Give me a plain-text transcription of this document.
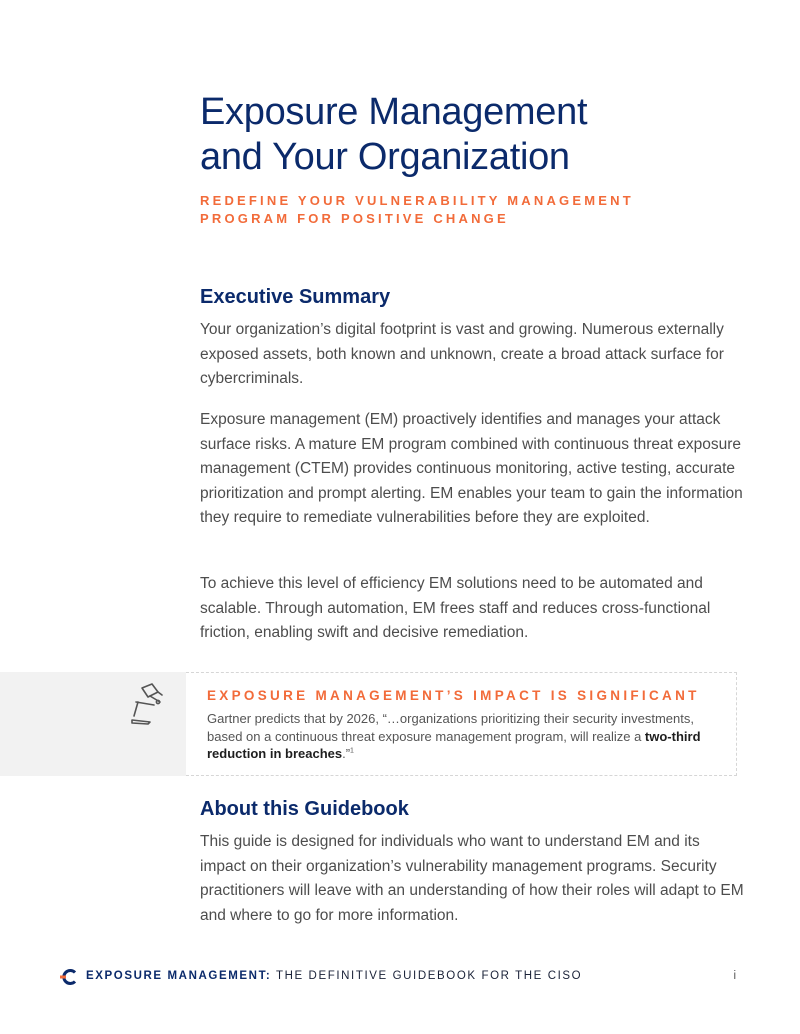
Exposure Management
and Your Organization
REDEFINE YOUR VULNERABILITY MANAGEMENT
PROGRAM FOR POSITIVE CHANGE
Executive Summary

Your organization’s digital footprint is vast and growing. Numerous externally exposed assets, both known and unknown, create a broad attack surface for cybercriminals.

Exposure management (EM) proactively identifies and manages your attack surface risks. A mature EM program combined with continuous threat exposure management (CTEM) provides continuous monitoring, active testing, accurate prioritization and prompt alerting. EM enables your team to gain the information they require to remediate vulnerabilities before they are exploited.

To achieve this level of efficiency EM solutions need to be automated and scalable. Through automation, EM frees staff and reduces cross-functional friction, enabling swift and decisive remediation.

EXPOSURE MANAGEMENT’S IMPACT IS SIGNIFICANT

Gartner predicts that by 2026, “…organizations prioritizing their security investments, based on a continuous threat exposure management program, will realize a two-third reduction in breaches.”$^1$

About this Guidebook

This guide is designed for individuals who want to understand EM and its impact on their organization’s vulnerability management programs. Security practitioners will leave with an understanding of how their roles will adapt to EM and where to go for more information.

EXPOSURE MANAGEMENT: THE DEFINITIVE GUIDEBOOK FOR THE CISO	i
